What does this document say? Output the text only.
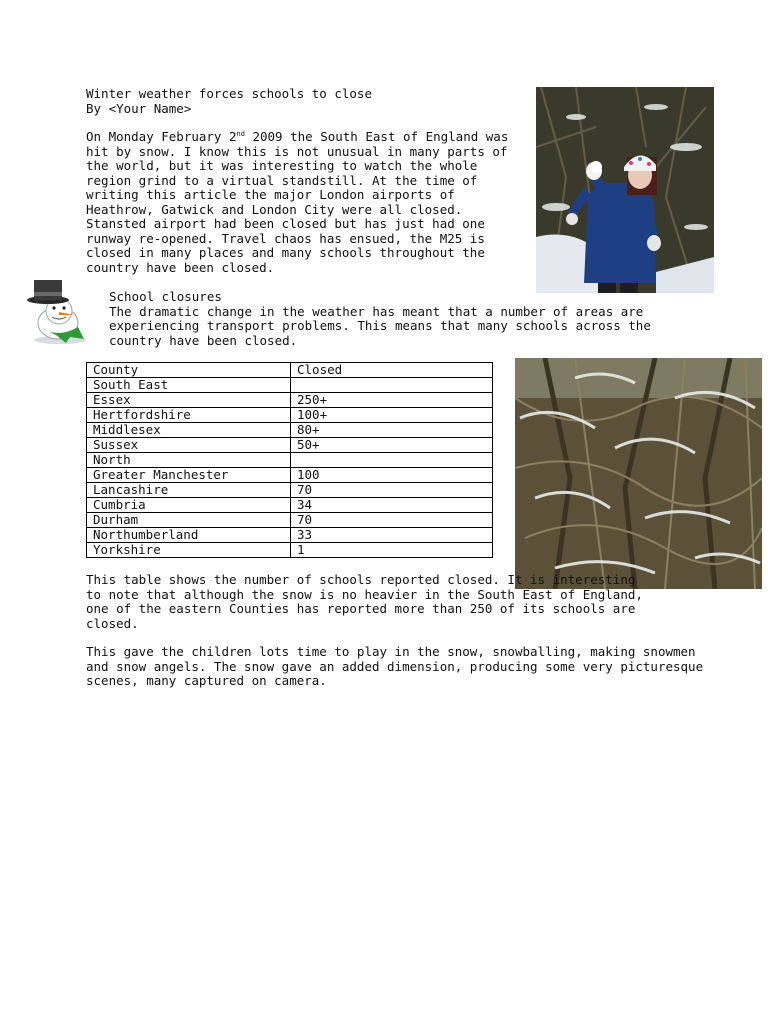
Winter weather forces schools to close

By <Your Name>

On Monday February 2nd 2009 the South East of England was hit by snow. I know this is not unusual in many parts of the world, but it was interesting to watch the whole region grind to a virtual standstill. At the time of writing this article the major London airports of Heathrow, Gatwick and London City were all closed. Stansted airport had been closed but has just had one runway re-opened. Travel chaos has ensued, the M25 is closed in many places and many schools throughout the country have been closed.

School closures

The dramatic change in the weather has meant that a number of areas are experiencing transport problems. This means that many schools across the country have been closed.

County	Closed
South East	
Essex	250+
Hertfordshire	100+
Middlesex	80+
Sussex	50+
North	
Greater Manchester	100
Lancashire	70
Cumbria	34
Durham	70
Northumberland	33
Yorkshire	1

This table shows the number of schools reported closed. It is interesting to note that although the snow is no heavier in the South East of England, one of the eastern Counties has reported more than 250 of its schools are closed.

This gave the children lots time to play in the snow, snowballing, making snowmen and snow angels. The snow gave an added dimension, producing some very picturesque scenes, many captured on camera.
